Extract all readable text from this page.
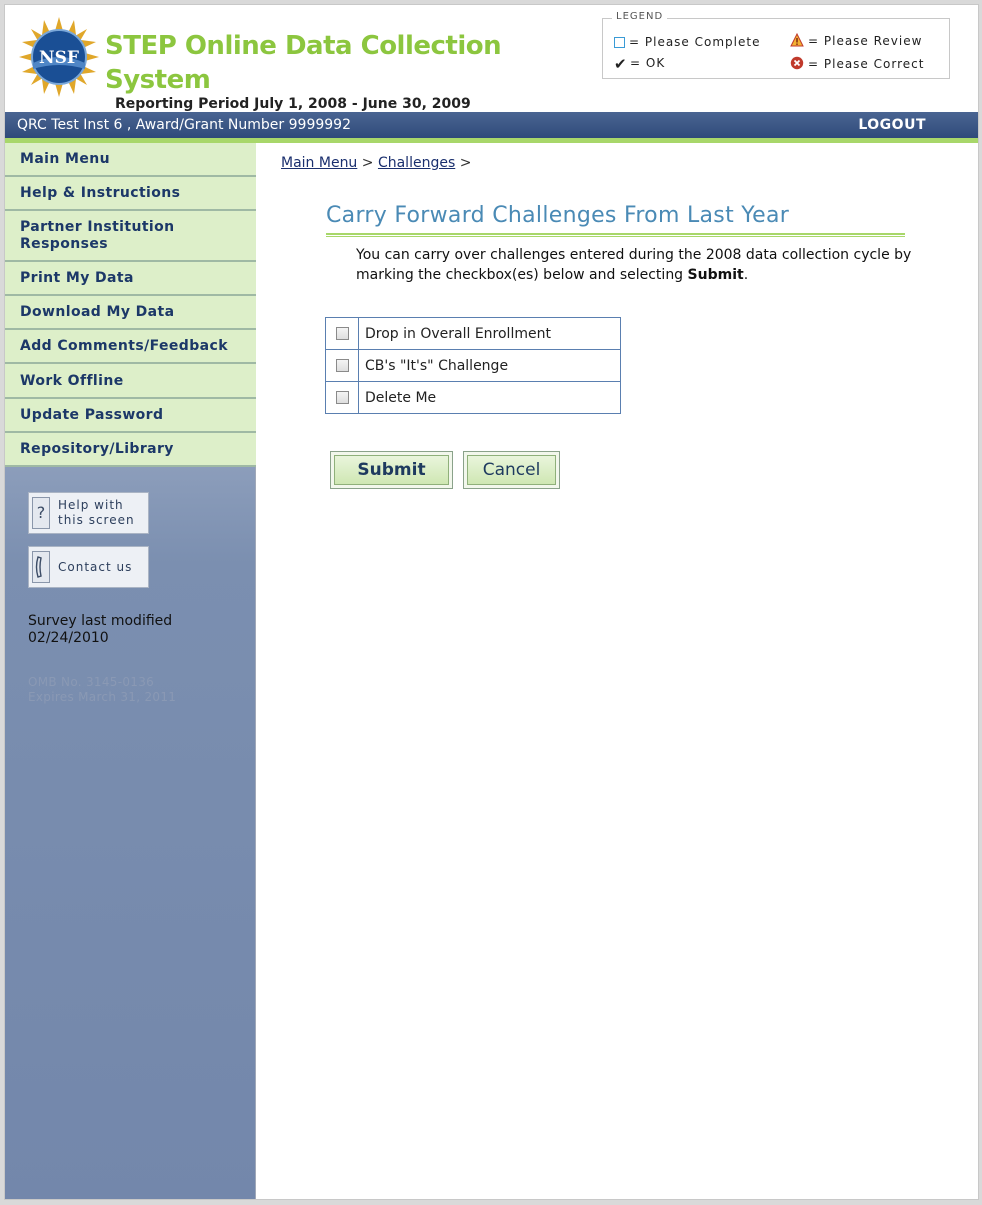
NSF STEP Online Data Collection
System
Reporting Period July 1, 2008 - June 30, 2009
LEGEND
= Please Complete	= Please Review
✔ = OK	= Please Correct
QRC Test Inst 6 , Award/Grant Number 9999992	LOGOUT
Main Menu
Help & Instructions
Partner Institution Responses
Print My Data
Download My Data
Add Comments/Feedback
Work Offline
Update Password
Repository/Library
?	Help with
this screen
Contact us
Survey last modified
02/24/2010
OMB No. 3145-0136
Expires March 31, 2011
Main Menu > Challenges >
Carry Forward Challenges From Last Year
You can carry over challenges entered during the 2008 data collection cycle by marking the checkbox(es) below and selecting Submit.
	Drop in Overall Enrollment
	CB's "It's" Challenge
	Delete Me
Submit	Cancel
